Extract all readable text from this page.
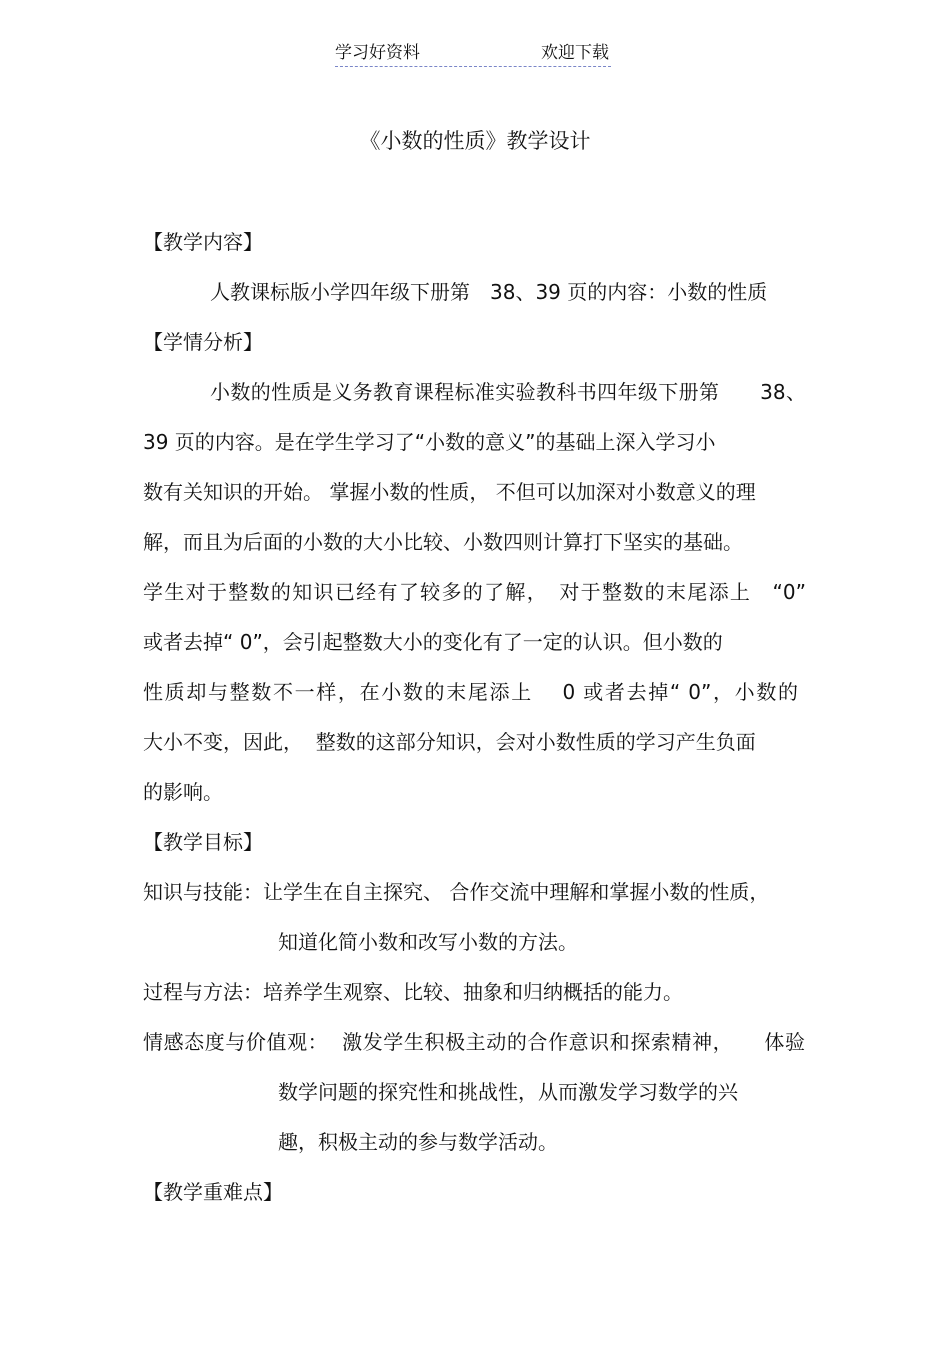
学习好资料	欢迎下载
《小数的性质》教学设计
【教学内容】
人教课标版小学四年级下册第　38、39 页的内容：小数的性质
【学情分析】
小数的性质是义务教育课程标准实验教科书四年级下册第　　38、
39 页的内容。是在学生学习了“小数的意义”的基础上深入学习小
数有关知识的开始。 掌握小数的性质， 不但可以加深对小数意义的理
解，而且为后面的小数的大小比较、小数四则计算打下坚实的基础。
学生对于整数的知识已经有了较多的了解，　对于整数的末尾添上　“0”
或者去掉“ 0”，会引起整数大小的变化有了一定的认识。但小数的
性质却与整数不一样，在小数的末尾添上　 0 或者去掉“ 0”，小数的
大小不变，因此，  整数的这部分知识，会对小数性质的学习产生负面
的影响。
【教学目标】
知识与技能：让学生在自主探究、 合作交流中理解和掌握小数的性质，
知道化简小数和改写小数的方法。
过程与方法：培养学生观察、比较、抽象和归纳概括的能力。
情感态度与价值观：  激发学生积极主动的合作意识和探索精神，　　体验
数学问题的探究性和挑战性，从而激发学习数学的兴
趣，积极主动的参与数学活动。
【教学重难点】
